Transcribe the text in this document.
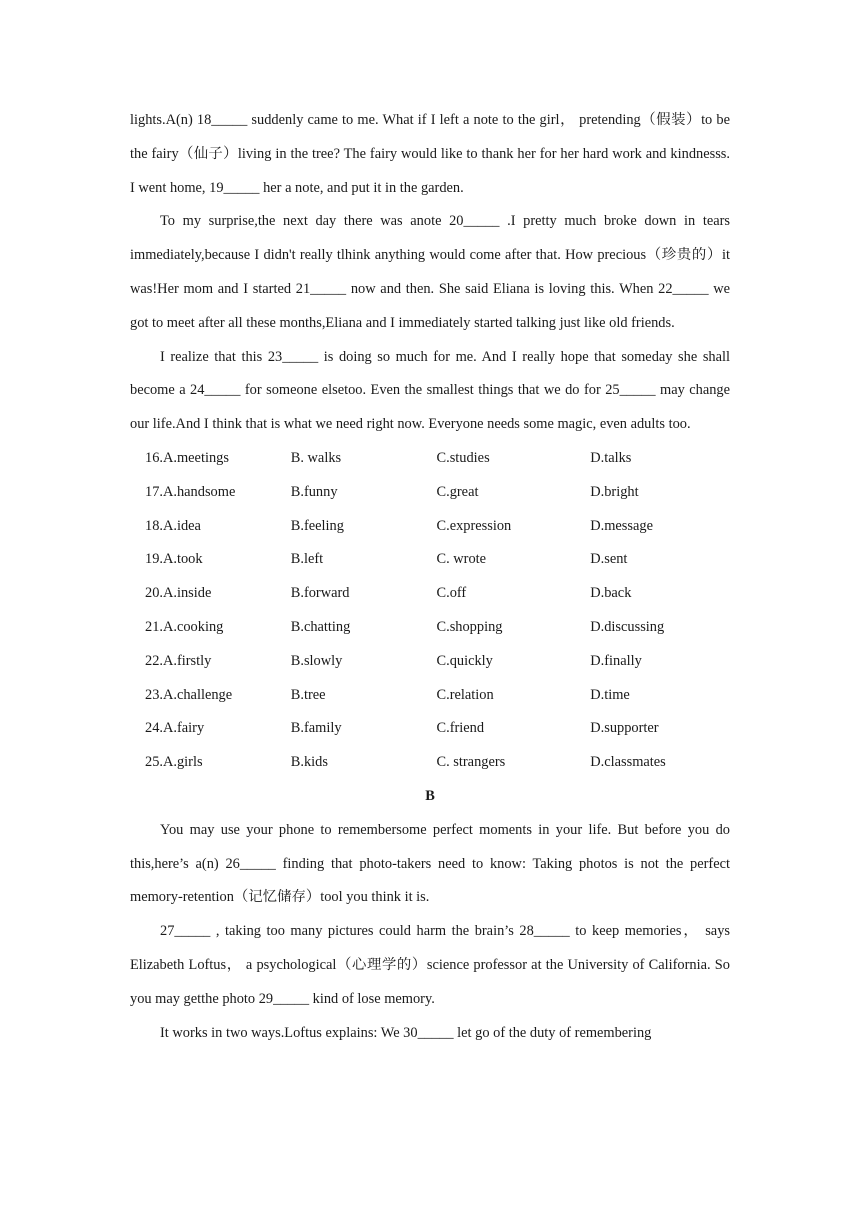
lights.A(n) 18_____ suddenly came to me. What if I left a note to the girl， pretending（假装）to be the fairy（仙子）living in the tree? The fairy would like to thank her for her hard work and kindnesss. I went home, 19_____ her a note, and put it in the garden.

To my surprise,the next day there was anote 20_____ .I pretty much broke down in tears immediately,because I didn't really tlhink anything would come after that. How precious（珍贵的）it was!Her mom and I started 21_____ now and then. She said Eliana is loving this. When 22_____ we got to meet after all these months,Eliana and I immediately started talking just like old friends.

I realize that this 23_____ is doing so much for me. And I really hope that someday she shall become a 24_____ for someone elsetoo. Even the smallest things that we do for 25_____ may change our life.And I think that is what we need right now. Everyone needs some magic, even adults too.

16.A.meetings	B. walks	C.studies	D.talks
17.A.handsome	B.funny	C.great	D.bright
18.A.idea	B.feeling	C.expression	D.message
19.A.took	B.left	C. wrote	D.sent
20.A.inside	B.forward	C.off	D.back
21.A.cooking	B.chatting	C.shopping	D.discussing
22.A.firstly	B.slowly	C.quickly	D.finally
23.A.challenge	B.tree	C.relation	D.time
24.A.fairy	B.family	C.friend	D.supporter
25.A.girls	B.kids	C. strangers	D.classmates

B

You may use your phone to remembersome perfect moments in your life. But before you do this,here’s a(n) 26_____ finding that photo-takers need to know: Taking photos is not the perfect memory-retention（记忆储存）tool you think it is.

27_____ , taking too many pictures could harm the brain’s 28_____ to keep memories， says Elizabeth Loftus， a psychological（心理学的）science professor at the University of California. So you may getthe photo 29_____ kind of lose memory.

It works in two ways.Loftus explains: We 30_____ let go of the duty of remembering
